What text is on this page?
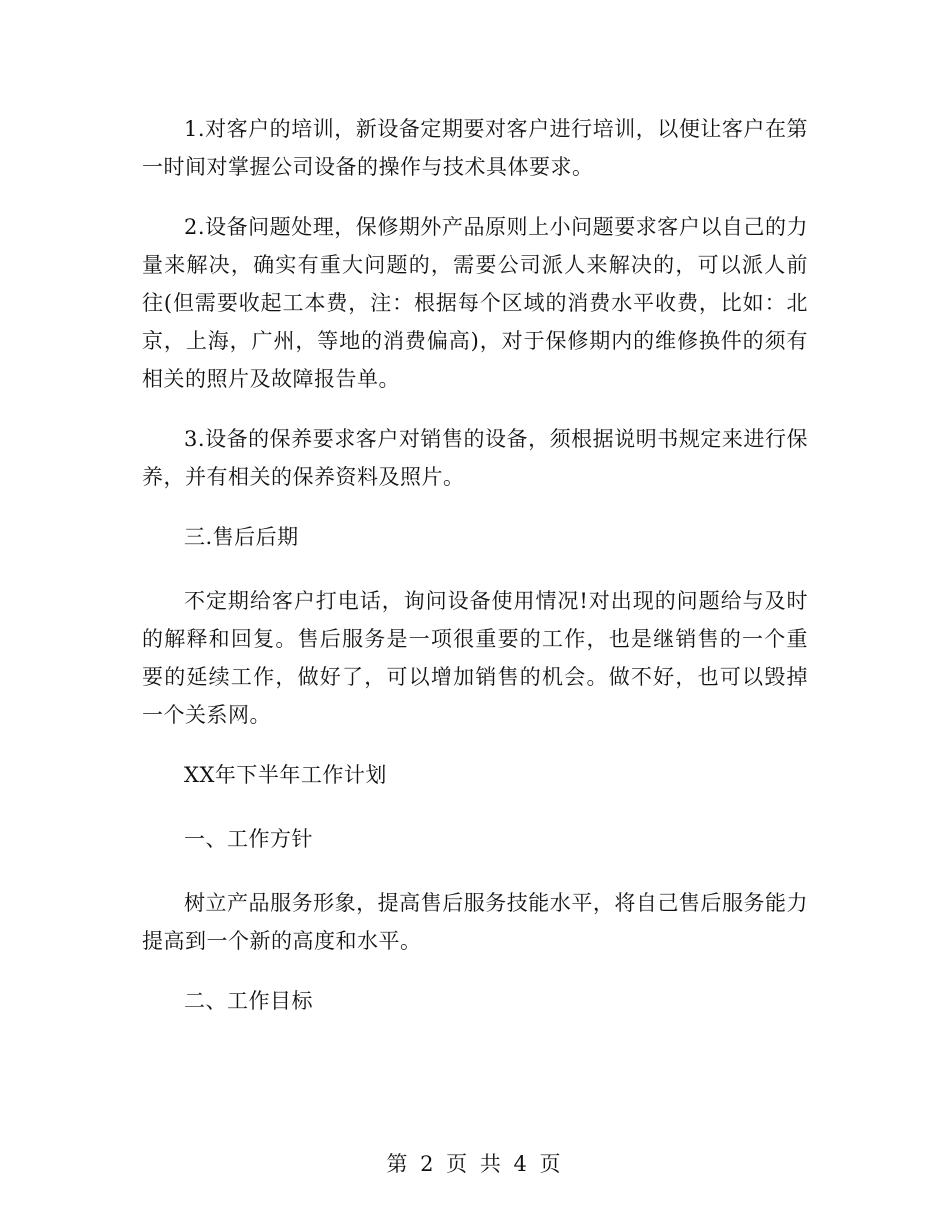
1.对客户的培训，新设备定期要对客户进行培训，以便让客户在第一时间对掌握公司设备的操作与技术具体要求。

2.设备问题处理，保修期外产品原则上小问题要求客户以自己的力量来解决，确实有重大问题的，需要公司派人来解决的，可以派人前往(但需要收起工本费，注：根据每个区域的消费水平收费，比如：北京，上海，广州，等地的消费偏高)，对于保修期内的维修换件的须有相关的照片及故障报告单。

3.设备的保养要求客户对销售的设备，须根据说明书规定来进行保养，并有相关的保养资料及照片。

三.售后后期

不定期给客户打电话，询问设备使用情况!对出现的问题给与及时的解释和回复。售后服务是一项很重要的工作，也是继销售的一个重要的延续工作，做好了，可以增加销售的机会。做不好，也可以毁掉一个关系网。

XX年下半年工作计划

一、工作方针

树立产品服务形象，提高售后服务技能水平，将自己售后服务能力提高到一个新的高度和水平。

二、工作目标

第 2 页 共 4 页
